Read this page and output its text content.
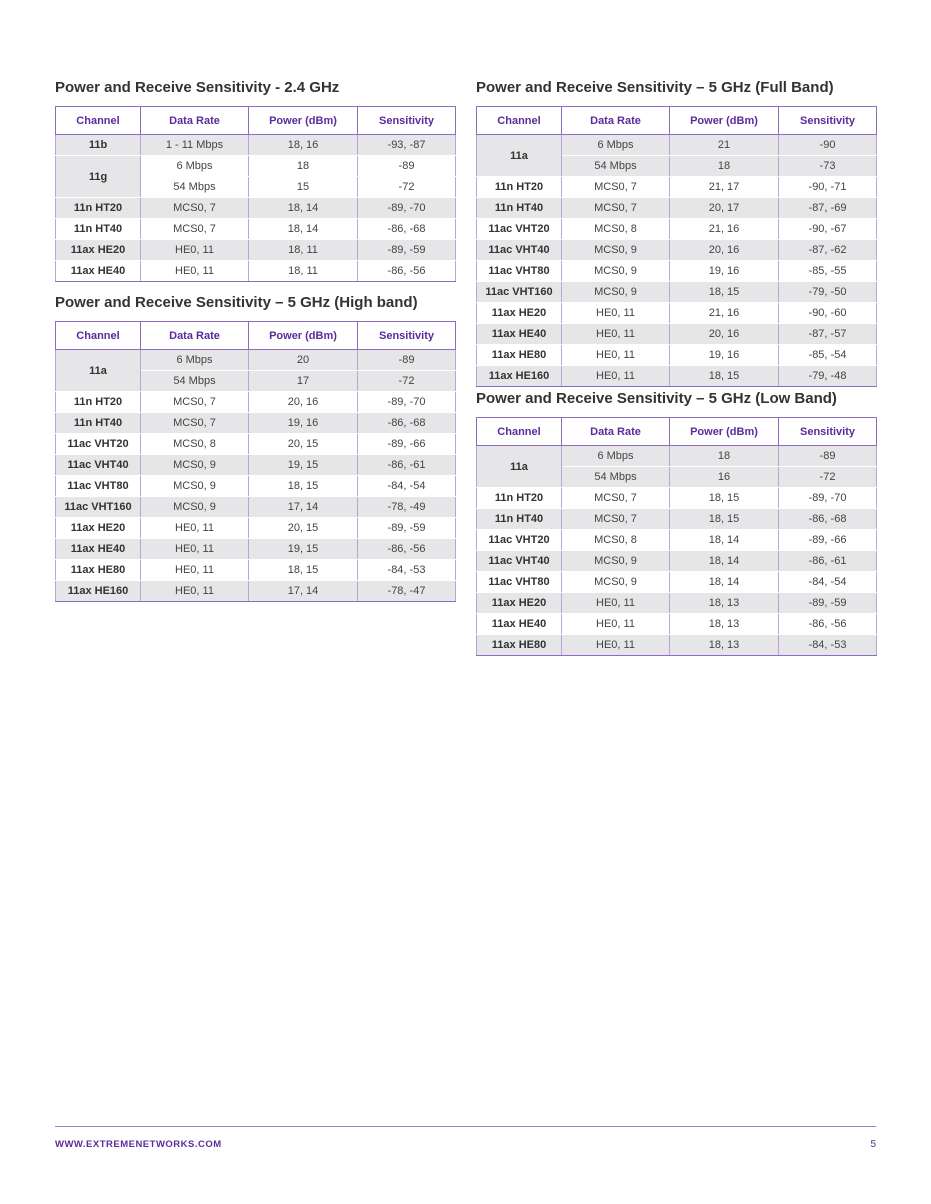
Power and Receive Sensitivity - 2.4 GHz
Channel	Data Rate	Power (dBm)	Sensitivity
11b	1 - 11 Mbps	18, 16	-93, -87
11g	6 Mbps	18	-89
	54 Mbps	15	-72
11n HT20	MCS0, 7	18, 14	-89, -70
11n HT40	MCS0, 7	18, 14	-86, -68
11ax HE20	HE0, 11	18, 11	-89, -59
11ax HE40	HE0, 11	18, 11	-86, -56
Power and Receive Sensitivity – 5 GHz (High band)
Channel	Data Rate	Power (dBm)	Sensitivity
11a	6 Mbps	20	-89
	54 Mbps	17	-72
11n HT20	MCS0, 7	20, 16	-89, -70
11n HT40	MCS0, 7	19, 16	-86, -68
11ac VHT20	MCS0, 8	20, 15	-89, -66
11ac VHT40	MCS0, 9	19, 15	-86, -61
11ac VHT80	MCS0, 9	18, 15	-84, -54
11ac VHT160	MCS0, 9	17, 14	-78, -49
11ax HE20	HE0, 11	20, 15	-89, -59
11ax HE40	HE0, 11	19, 15	-86, -56
11ax HE80	HE0, 11	18, 15	-84, -53
11ax HE160	HE0, 11	17, 14	-78, -47
Power and Receive Sensitivity – 5 GHz (Full Band)
Channel	Data Rate	Power (dBm)	Sensitivity
11a	6 Mbps	21	-90
	54 Mbps	18	-73
11n HT20	MCS0, 7	21, 17	-90, -71
11n HT40	MCS0, 7	20, 17	-87, -69
11ac VHT20	MCS0, 8	21, 16	-90, -67
11ac VHT40	MCS0, 9	20, 16	-87, -62
11ac VHT80	MCS0, 9	19, 16	-85, -55
11ac VHT160	MCS0, 9	18, 15	-79, -50
11ax HE20	HE0, 11	21, 16	-90, -60
11ax HE40	HE0, 11	20, 16	-87, -57
11ax HE80	HE0, 11	19, 16	-85, -54
11ax HE160	HE0, 11	18, 15	-79, -48
Power and Receive Sensitivity – 5 GHz (Low Band)
Channel	Data Rate	Power (dBm)	Sensitivity
11a	6 Mbps	18	-89
	54 Mbps	16	-72
11n HT20	MCS0, 7	18, 15	-89, -70
11n HT40	MCS0, 7	18, 15	-86, -68
11ac VHT20	MCS0, 8	18, 14	-89, -66
11ac VHT40	MCS0, 9	18, 14	-86, -61
11ac VHT80	MCS0, 9	18, 14	-84, -54
11ax HE20	HE0, 11	18, 13	-89, -59
11ax HE40	HE0, 11	18, 13	-86, -56
11ax HE80	HE0, 11	18, 13	-84, -53
WWW.EXTREMENETWORKS.COM	5
